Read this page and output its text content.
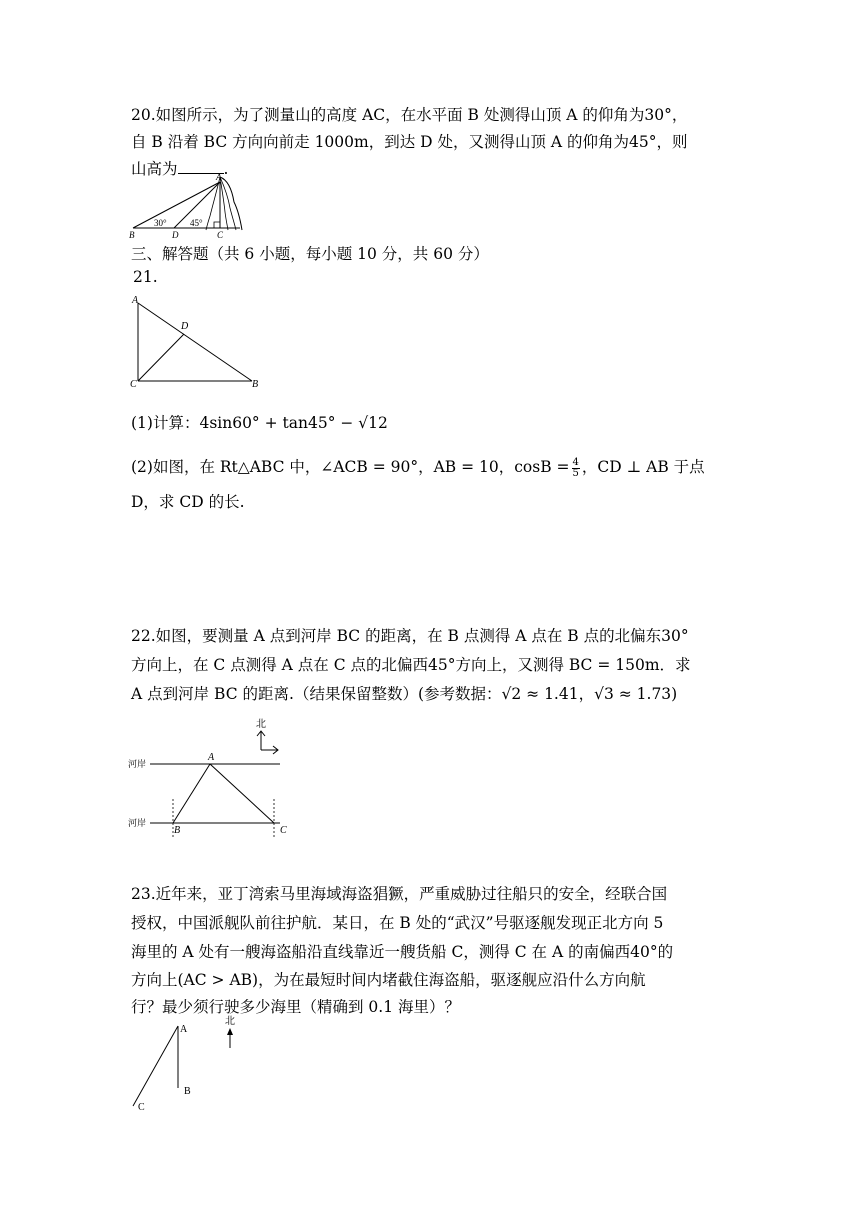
20.如图所示，为了测量山的高度 AC，在水平面 B 处测得山顶 A 的仰角为30°，
自 B 沿着 BC 方向向前走 1000m，到达 D 处，又测得山顶 A 的仰角为45°，则
山高为	.
A
B	D	C
30°	45°
三、解答题（共 6 小题，每小题 10 分，共 60 分）
21.
A
C	B
D
(1)计算：4sin60° + tan45° − √12
(2)如图，在 Rt△ABC 中，∠ACB = 90°，AB = 10，$\cos B = \frac{4}{5}$ ，CD ⊥ AB 于点
D，求 CD 的长.
22.如图，要测量 A 点到河岸 BC 的距离，在 B 点测得 A 点在 B 点的北偏东30°
方向上，在 C 点测得 A 点在 C 点的北偏西45°方向上，又测得 BC = 150m．求
A 点到河岸 BC 的距离.（结果保留整数）(参考数据：√2 ≈ 1.41，√3 ≈ 1.73)
北
河岸
河岸
A
B	C
23.近年来，亚丁湾索马里海域海盗猖獗，严重威胁过往船只的安全，经联合国
授权，中国派舰队前往护航．某日，在 B 处的“武汉”号驱逐舰发现正北方向 5
海里的 A 处有一艘海盗船沿直线靠近一艘货船 C，测得 C 在 A 的南偏西40°的
方向上(AC > AB)，为在最短时间内堵截住海盗船，驱逐舰应沿什么方向航
行？最少须行驶多少海里（精确到 0.1 海里）？
北
A
B
C
